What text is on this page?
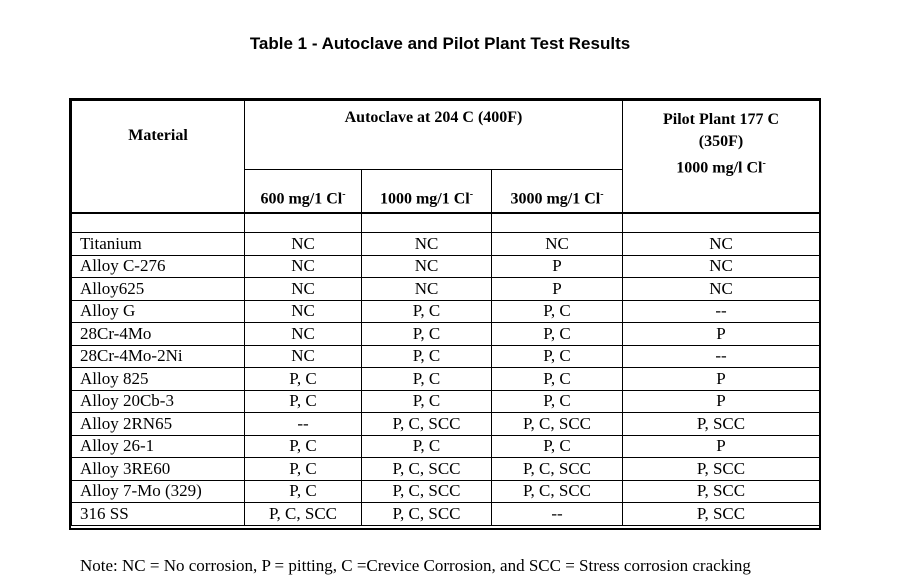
Table 1 - Autoclave and Pilot Plant Test Results
Material	Autoclave at 204 C (400F)			Pilot Plant 177 C
(350F)
1000 mg/l Cl-

	600 mg/1 Cl-	1000 mg/1 Cl-	3000 mg/1 Cl-

Titanium	NC	NC	NC	NC
Alloy C-276	NC	NC	P	NC
Alloy625	NC	NC	P	NC
Alloy G	NC	P, C	P, C	--
28Cr-4Mo	NC	P, C	P, C	P
28Cr-4Mo-2Ni	NC	P, C	P, C	--
Alloy 825	P, C	P, C	P, C	P
Alloy 20Cb-3	P, C	P, C	P, C	P
Alloy 2RN65	--	P, C, SCC	P, C, SCC	P, SCC
Alloy 26-1	P, C	P, C	P, C	P
Alloy 3RE60	P, C	P, C, SCC	P, C, SCC	P, SCC
Alloy 7-Mo (329)	P, C	P, C, SCC	P, C, SCC	P, SCC
316 SS	P, C, SCC	P, C, SCC	--	P, SCC
Note: NC = No corrosion, P = pitting, C =Crevice Corrosion, and SCC = Stress corrosion cracking
